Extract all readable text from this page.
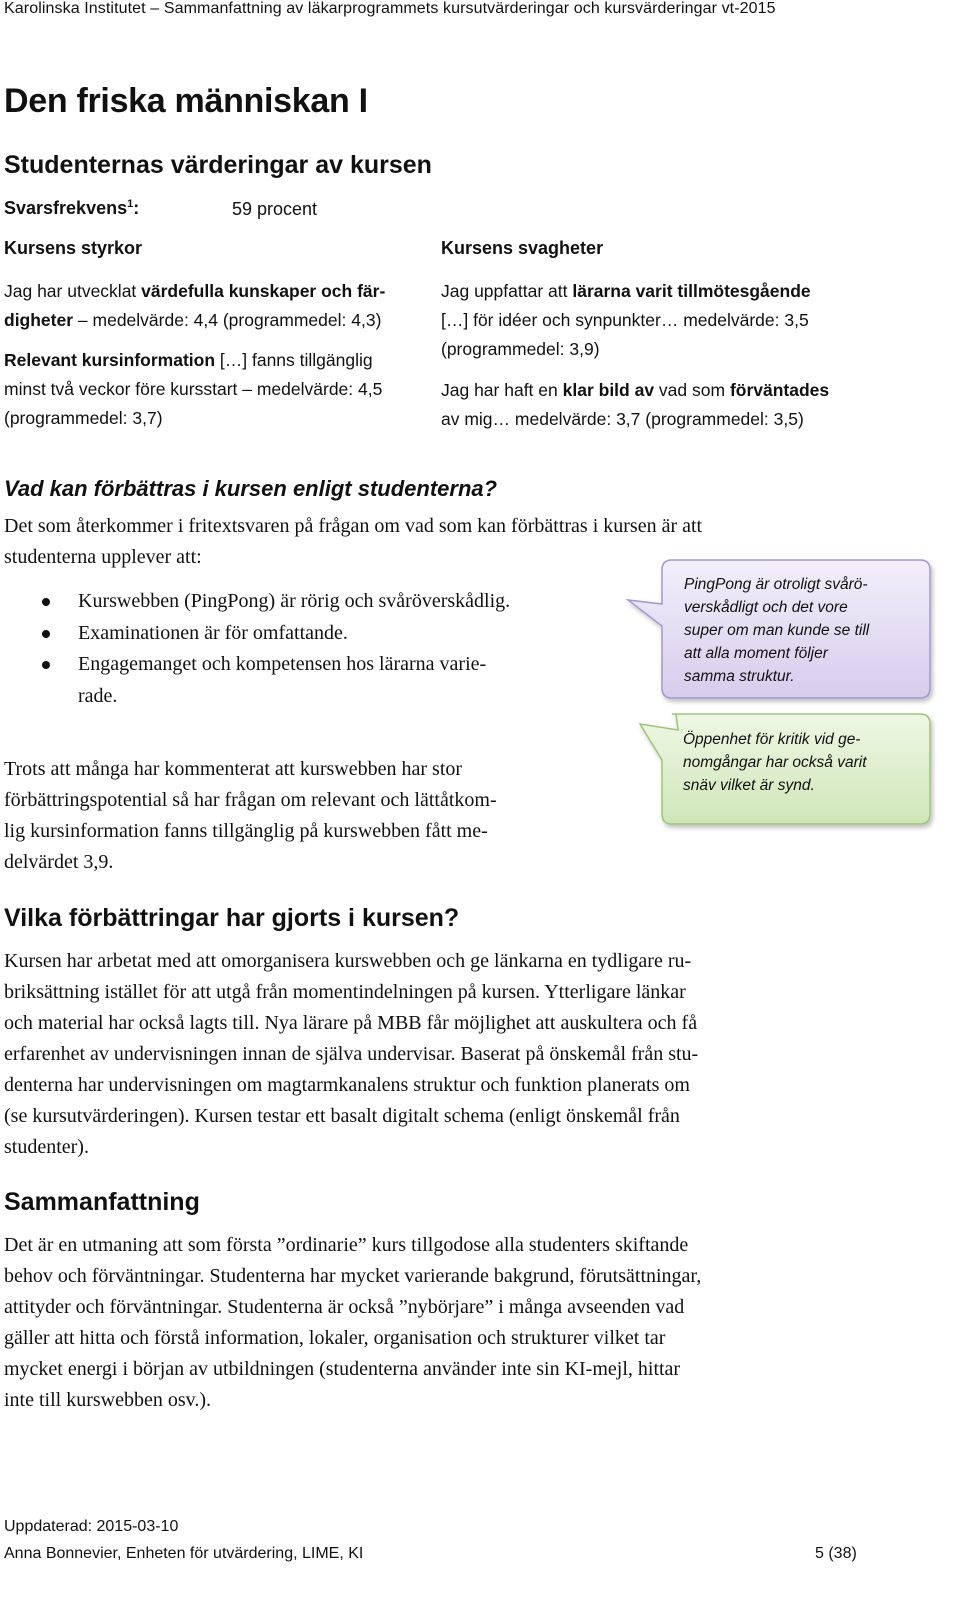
Karolinska Institutet – Sammanfattning av läkarprogrammets kursutvärderingar och kursvärderingar vt-2015
Den friska människan I
Studenternas värderingar av kursen
Svarsfrekvens$^1$:	59 procent
Kursens styrkor
Jag har utvecklat värdefulla kunskaper och fär-
digheter – medelvärde: 4,4 (programmedel: 4,3)
Relevant kursinformation […] fanns tillgänglig
minst två veckor före kursstart – medelvärde: 4,5
(programmedel: 3,7)
Kursens svagheter
Jag uppfattar att lärarna varit tillmötesgående
[…] för idéer och synpunkter… medelvärde: 3,5
(programmedel: 3,9)
Jag har haft en klar bild av vad som förväntades
av mig… medelvärde: 3,7 (programmedel: 3,5)
Vad kan förbättras i kursen enligt studenterna?
Det som återkommer i fritextsvaren på frågan om vad som kan förbättras i kursen är att
studenterna upplever att:
Kurswebben (PingPong) är rörig och svåröverskådlig.
Examinationen är för omfattande.
Engagemanget och kompetensen hos lärarna varie-
rade.
Trots att många har kommenterat att kurswebben har stor
förbättringspotential så har frågan om relevant och lättåtkom-
lig kursinformation fanns tillgänglig på kurswebben fått me-
delvärdet 3,9.
PingPong är otroligt svårö-
verskådligt och det vore
super om man kunde se till
att alla moment följer
samma struktur.
Öppenhet för kritik vid ge-
nomgångar har också varit
snäv vilket är synd.
Vilka förbättringar har gjorts i kursen?
Kursen har arbetat med att omorganisera kurswebben och ge länkarna en tydligare ru-
briksättning istället för att utgå från momentindelningen på kursen. Ytterligare länkar
och material har också lagts till. Nya lärare på MBB får möjlighet att auskultera och få
erfarenhet av undervisningen innan de själva undervisar. Baserat på önskemål från stu-
denterna har undervisningen om magtarmkanalens struktur och funktion planerats om
(se kursutvärderingen). Kursen testar ett basalt digitalt schema (enligt önskemål från
studenter).
Sammanfattning
Det är en utmaning att som första ”ordinarie” kurs tillgodose alla studenters skiftande
behov och förväntningar. Studenterna har mycket varierande bakgrund, förutsättningar,
attityder och förväntningar. Studenterna är också ”nybörjare” i många avseenden vad
gäller att hitta och förstå information, lokaler, organisation och strukturer vilket tar
mycket energi i början av utbildningen (studenterna använder inte sin KI-mejl, hittar
inte till kurswebben osv.).
Uppdaterad: 2015-03-10
Anna Bonnevier, Enheten för utvärdering, LIME, KI	5 (38)
